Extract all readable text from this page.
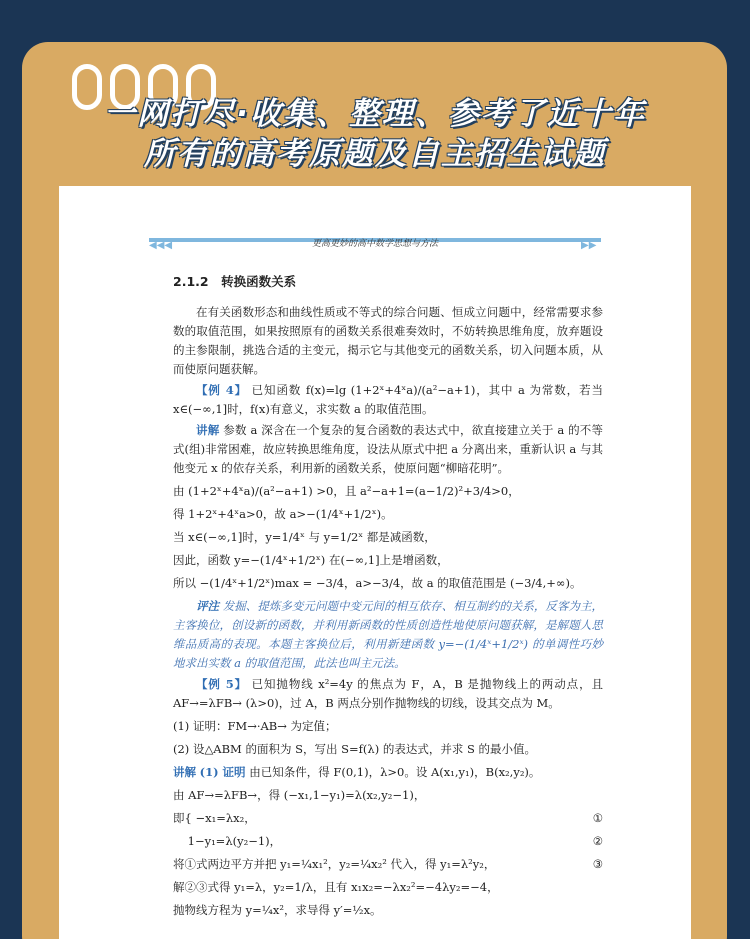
一网打尽·收集、整理、参考了近十年
所有的高考原题及自主招生试题
◀◀◀	▶▶
更高更妙的高中数学思想与方法
2.1.2　转换函数关系

在有关函数形态和曲线性质或不等式的综合问题、恒成立问题中，经常需要求参数的取值范围，如果按照原有的函数关系很难奏效时，不妨转换思维角度，放弃题设的主参限制，挑选合适的主变元，揭示它与其他变元的函数关系，切入问题本质，从而使原问题获解。

【例 4】 已知函数 f(x)=lg (1+2ˣ+4ˣa)/(a²−a+1)，其中 a 为常数，若当 x∈(−∞,1]时，f(x)有意义，求实数 a 的取值范围。

讲解 参数 a 深含在一个复杂的复合函数的表达式中，欲直接建立关于 a 的不等式(组)非常困难，故应转换思维角度，设法从原式中把 a 分离出来，重新认识 a 与其他变元 x 的依存关系，利用新的函数关系，使原问题“柳暗花明”。

由 (1+2ˣ+4ˣa)/(a²−a+1) >0，且 a²−a+1=(a−1/2)²+3/4>0，
得 1+2ˣ+4ˣa>0，故 a>−(1/4ˣ+1/2ˣ)。
当 x∈(−∞,1]时，y=1/4ˣ 与 y=1/2ˣ 都是减函数，
因此，函数 y=−(1/4ˣ+1/2ˣ) 在(−∞,1]上是增函数，
所以 −(1/4ˣ+1/2ˣ)max = −3/4，a>−3/4，故 a 的取值范围是 (−3/4,+∞)。

评注 发掘、提炼多变元问题中变元间的相互依存、相互制约的关系，反客为主，主客换位，创设新的函数，并利用新函数的性质创造性地使原问题获解，是解题人思维品质高的表现。本题主客换位后，利用新建函数 y=−(1/4ˣ+1/2ˣ) 的单调性巧妙地求出实数 a 的取值范围，此法也叫主元法。

【例 5】 已知抛物线 x²=4y 的焦点为 F，A，B 是抛物线上的两动点，且 AF→=λFB→ (λ>0)，过 A，B 两点分别作抛物线的切线，设其交点为 M。

(1) 证明：FM→·AB→ 为定值；
(2) 设△ABM 的面积为 S，写出 S=f(λ) 的表达式，并求 S 的最小值。
讲解 (1) 证明 由已知条件，得 F(0,1)，λ>0。设 A(x₁,y₁)，B(x₂,y₂)。
由 AF→=λFB→，得 (−x₁,1−y₁)=λ(x₂,y₂−1)，
即{ −x₁=λx₂，	①
1−y₁=λ(y₂−1)，	②
将①式两边平方并把 y₁=¼x₁²，y₂=¼x₂² 代入，得 y₁=λ²y₂，	③
解②③式得 y₁=λ，y₂=1/λ，且有 x₁x₂=−λx₂²=−4λy₂=−4，
抛物线方程为 y=¼x²，求导得 y′=½x。
